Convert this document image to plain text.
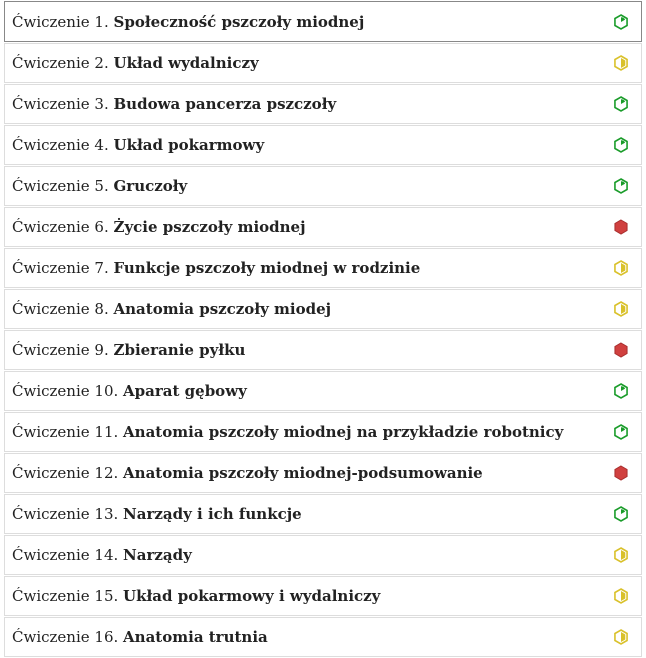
Ćwiczenie 1. Społeczność pszczoły miodnej
Ćwiczenie 2. Układ wydalniczy
Ćwiczenie 3. Budowa pancerza pszczoły
Ćwiczenie 4. Układ pokarmowy
Ćwiczenie 5. Gruczoły
Ćwiczenie 6. Życie pszczoły miodnej
Ćwiczenie 7. Funkcje pszczoły miodnej w rodzinie
Ćwiczenie 8. Anatomia pszczoły miodej
Ćwiczenie 9. Zbieranie pyłku
Ćwiczenie 10. Aparat gębowy
Ćwiczenie 11. Anatomia pszczoły miodnej na przykładzie robotnicy
Ćwiczenie 12. Anatomia pszczoły miodnej-podsumowanie
Ćwiczenie 13. Narządy i ich funkcje
Ćwiczenie 14. Narządy
Ćwiczenie 15. Układ pokarmowy i wydalniczy
Ćwiczenie 16. Anatomia trutnia
